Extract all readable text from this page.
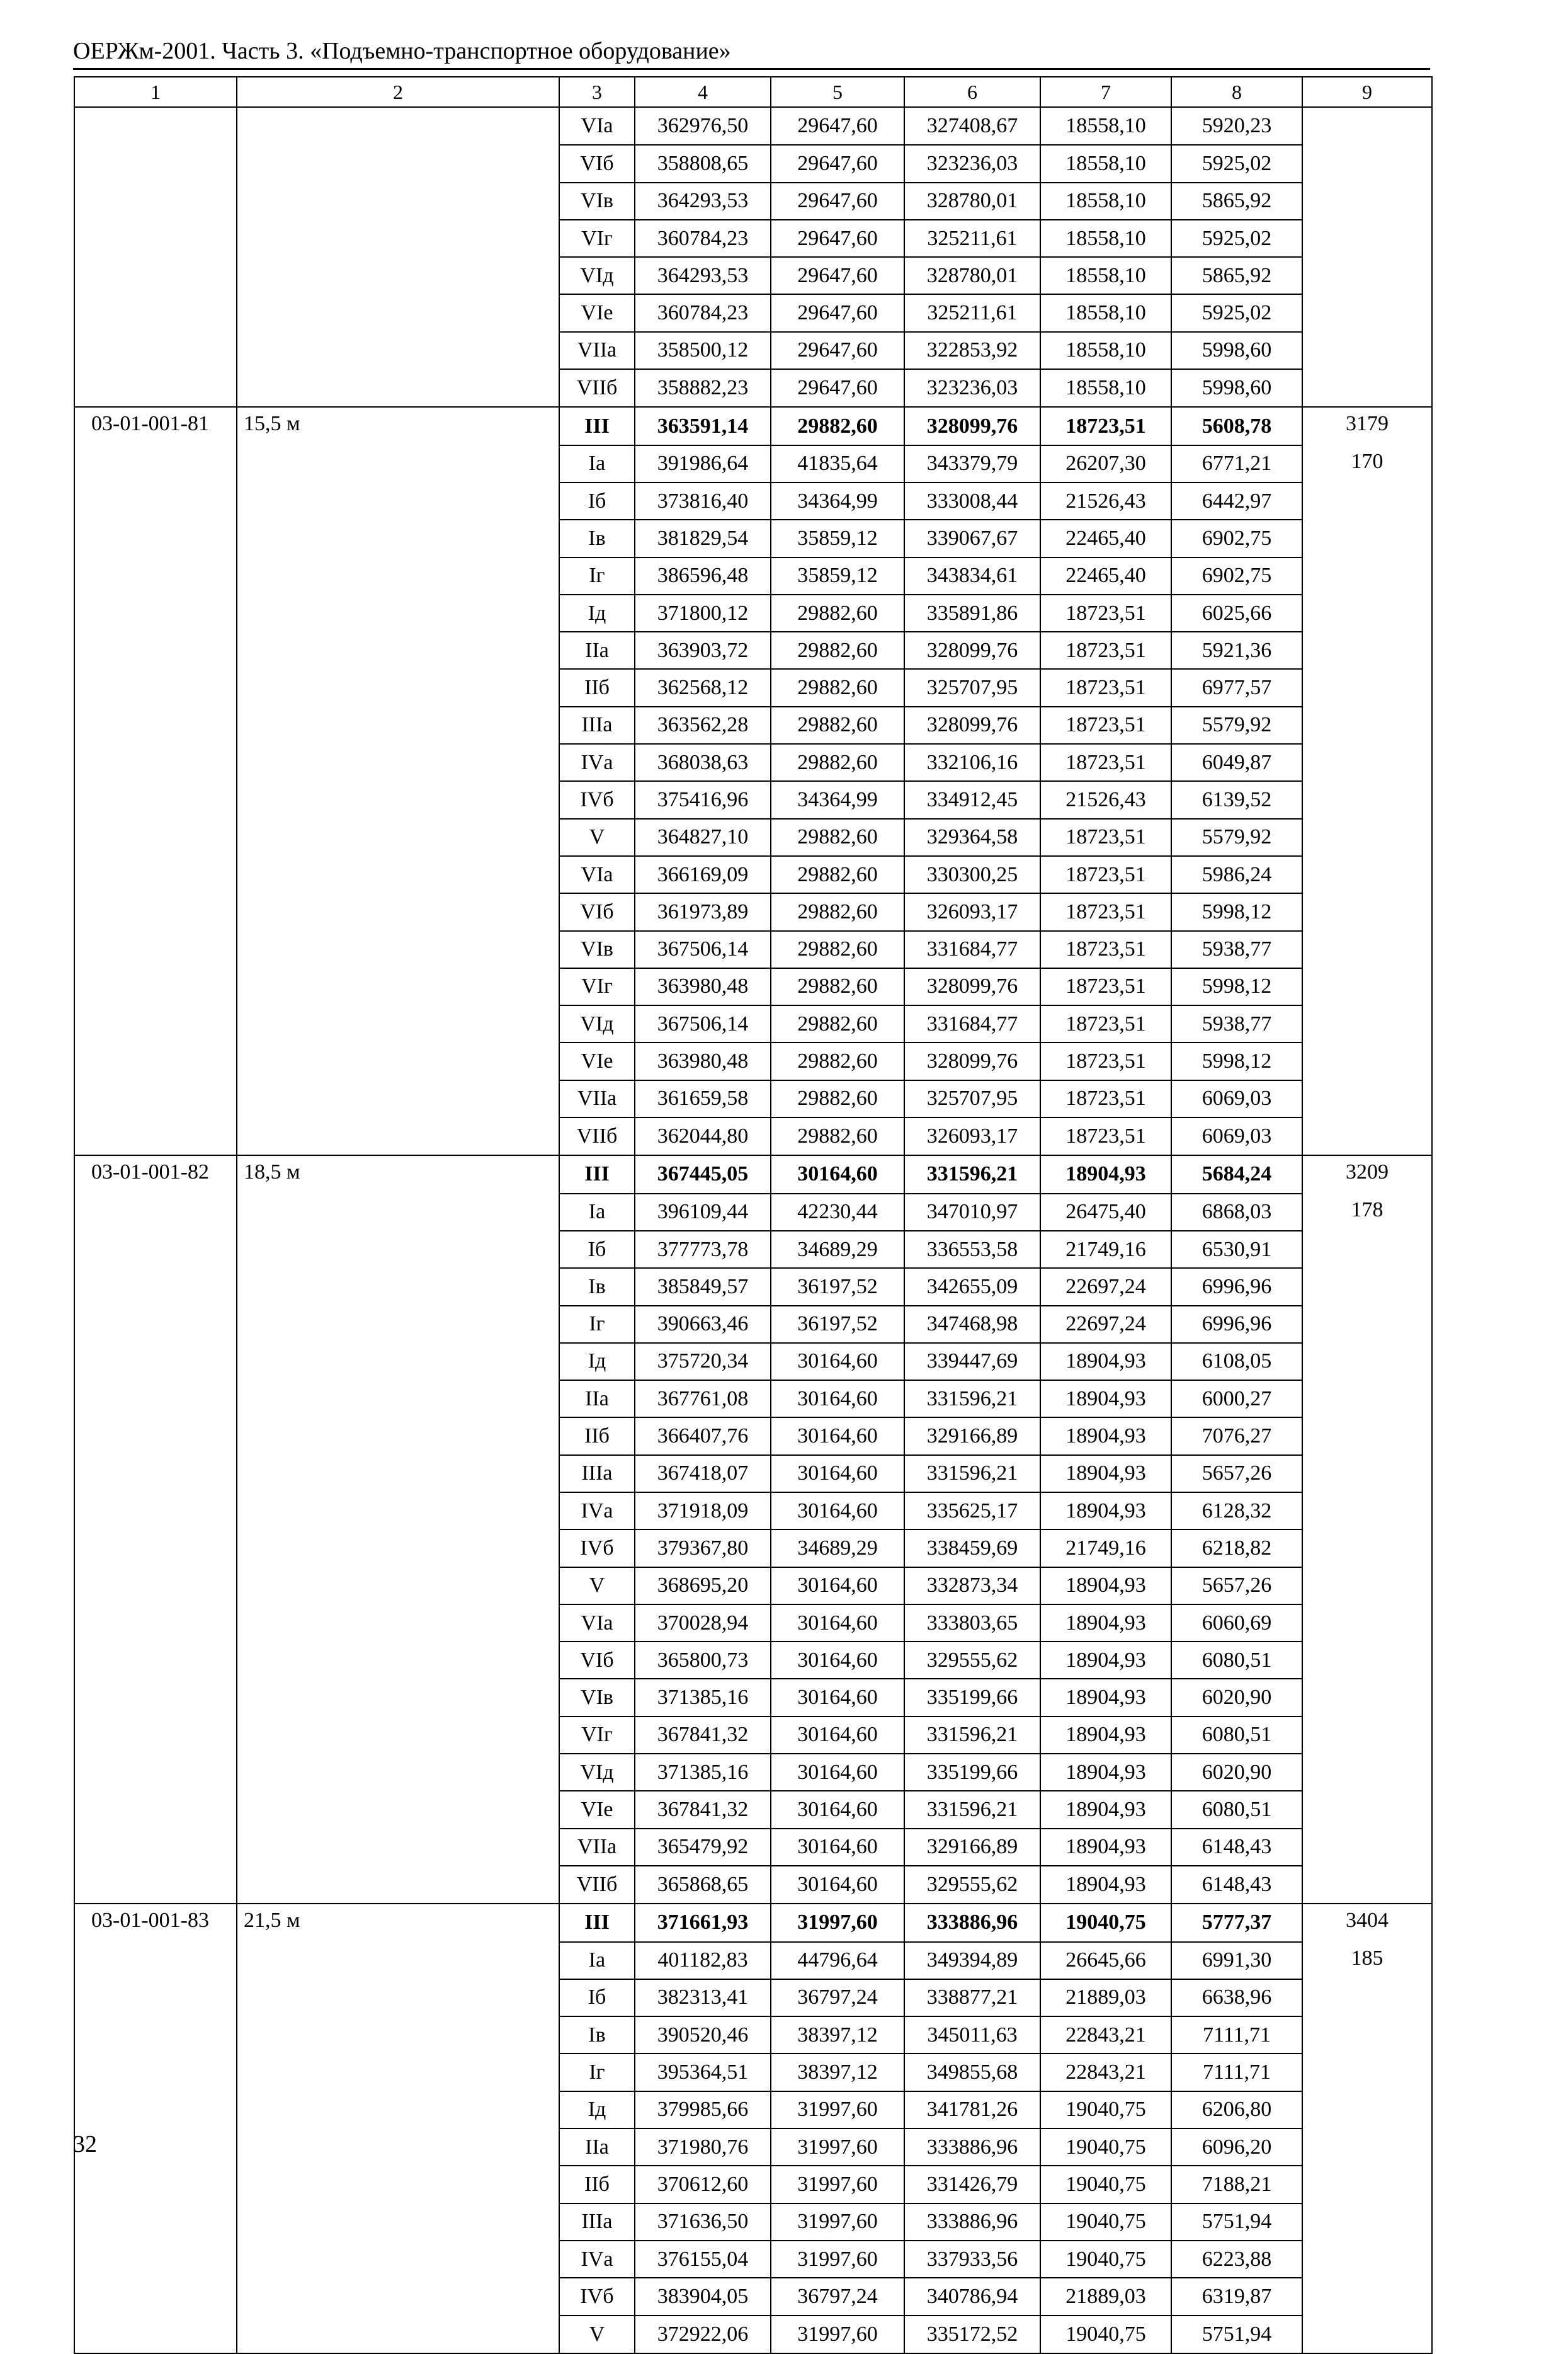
ОЕРЖм-2001. Часть 3. «Подъемно-транспортное оборудование»
1	2	3	4	5	6	7	8	9
		VIа	362976,50	29647,60	327408,67	18558,10	5920,23	
		VIб	358808,65	29647,60	323236,03	18558,10	5925,02	
		VIв	364293,53	29647,60	328780,01	18558,10	5865,92	
		VIг	360784,23	29647,60	325211,61	18558,10	5925,02	
		VIд	364293,53	29647,60	328780,01	18558,10	5865,92	
		VIе	360784,23	29647,60	325211,61	18558,10	5925,02	
		VIIа	358500,12	29647,60	322853,92	18558,10	5998,60	
		VIIб	358882,23	29647,60	323236,03	18558,10	5998,60	
03-01-001-81	15,5 м	III	363591,14	29882,60	328099,76	18723,51	5608,78	3179
		Iа	391986,64	41835,64	343379,79	26207,30	6771,21	170
		Iб	373816,40	34364,99	333008,44	21526,43	6442,97	
		Iв	381829,54	35859,12	339067,67	22465,40	6902,75	
		Iг	386596,48	35859,12	343834,61	22465,40	6902,75	
		Iд	371800,12	29882,60	335891,86	18723,51	6025,66	
		IIа	363903,72	29882,60	328099,76	18723,51	5921,36	
		IIб	362568,12	29882,60	325707,95	18723,51	6977,57	
		IIIа	363562,28	29882,60	328099,76	18723,51	5579,92	
		IVа	368038,63	29882,60	332106,16	18723,51	6049,87	
		IVб	375416,96	34364,99	334912,45	21526,43	6139,52	
		V	364827,10	29882,60	329364,58	18723,51	5579,92	
		VIа	366169,09	29882,60	330300,25	18723,51	5986,24	
		VIб	361973,89	29882,60	326093,17	18723,51	5998,12	
		VIв	367506,14	29882,60	331684,77	18723,51	5938,77	
		VIг	363980,48	29882,60	328099,76	18723,51	5998,12	
		VIд	367506,14	29882,60	331684,77	18723,51	5938,77	
		VIе	363980,48	29882,60	328099,76	18723,51	5998,12	
		VIIа	361659,58	29882,60	325707,95	18723,51	6069,03	
		VIIб	362044,80	29882,60	326093,17	18723,51	6069,03	
03-01-001-82	18,5 м	III	367445,05	30164,60	331596,21	18904,93	5684,24	3209
		Iа	396109,44	42230,44	347010,97	26475,40	6868,03	178
		Iб	377773,78	34689,29	336553,58	21749,16	6530,91	
		Iв	385849,57	36197,52	342655,09	22697,24	6996,96	
		Iг	390663,46	36197,52	347468,98	22697,24	6996,96	
		Iд	375720,34	30164,60	339447,69	18904,93	6108,05	
		IIа	367761,08	30164,60	331596,21	18904,93	6000,27	
		IIб	366407,76	30164,60	329166,89	18904,93	7076,27	
		IIIа	367418,07	30164,60	331596,21	18904,93	5657,26	
		IVа	371918,09	30164,60	335625,17	18904,93	6128,32	
		IVб	379367,80	34689,29	338459,69	21749,16	6218,82	
		V	368695,20	30164,60	332873,34	18904,93	5657,26	
		VIа	370028,94	30164,60	333803,65	18904,93	6060,69	
		VIб	365800,73	30164,60	329555,62	18904,93	6080,51	
		VIв	371385,16	30164,60	335199,66	18904,93	6020,90	
		VIг	367841,32	30164,60	331596,21	18904,93	6080,51	
		VIд	371385,16	30164,60	335199,66	18904,93	6020,90	
		VIе	367841,32	30164,60	331596,21	18904,93	6080,51	
		VIIа	365479,92	30164,60	329166,89	18904,93	6148,43	
		VIIб	365868,65	30164,60	329555,62	18904,93	6148,43	
03-01-001-83	21,5 м	III	371661,93	31997,60	333886,96	19040,75	5777,37	3404
		Iа	401182,83	44796,64	349394,89	26645,66	6991,30	185
		Iб	382313,41	36797,24	338877,21	21889,03	6638,96	
		Iв	390520,46	38397,12	345011,63	22843,21	7111,71	
		Iг	395364,51	38397,12	349855,68	22843,21	7111,71	
		Iд	379985,66	31997,60	341781,26	19040,75	6206,80	
		IIа	371980,76	31997,60	333886,96	19040,75	6096,20	
		IIб	370612,60	31997,60	331426,79	19040,75	7188,21	
		IIIа	371636,50	31997,60	333886,96	19040,75	5751,94	
		IVа	376155,04	31997,60	337933,56	19040,75	6223,88	
		IVб	383904,05	36797,24	340786,94	21889,03	6319,87	
		V	372922,06	31997,60	335172,52	19040,75	5751,94	
32
